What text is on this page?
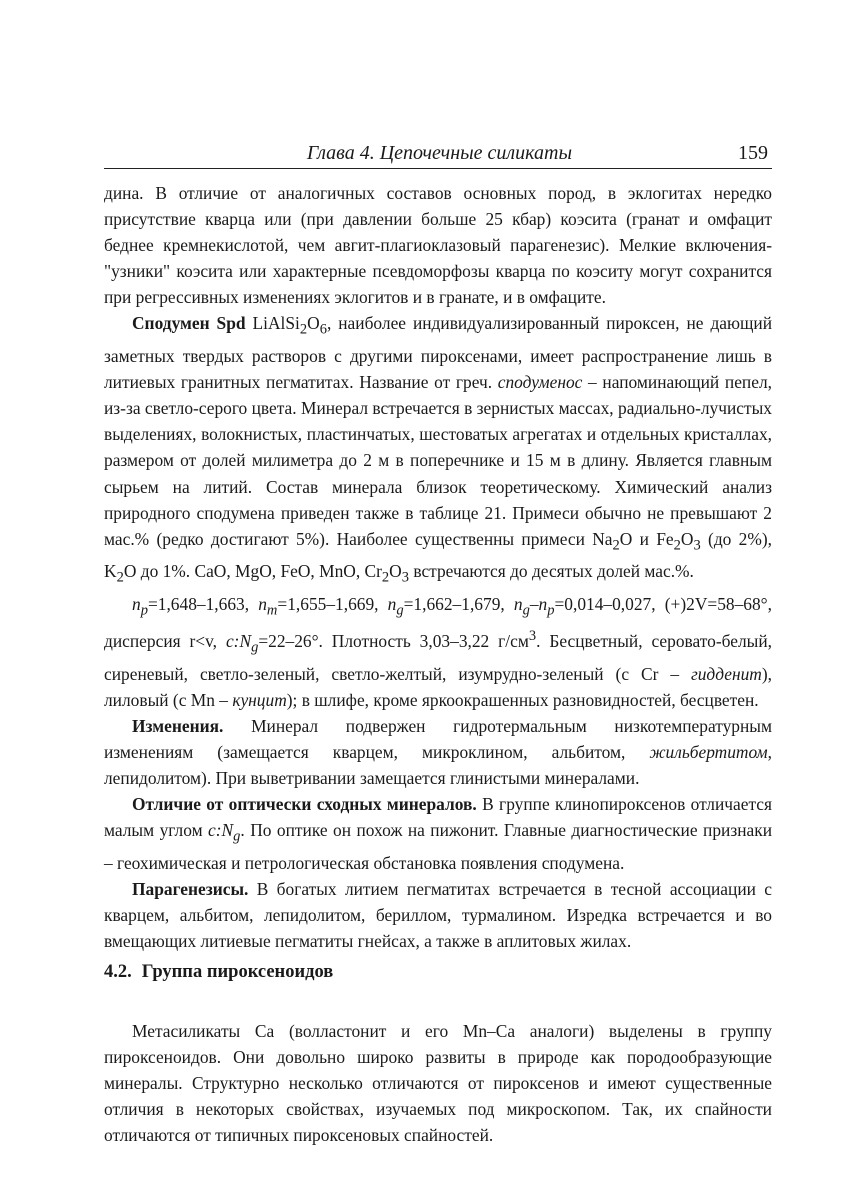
Глава 4. Цепочечные силикаты	159

дина. В отличие от аналогичных составов основных пород, в эклогитах нередко присутствие кварца или (при давлении больше 25 кбар) коэсита (гранат и омфацит беднее кремнекислотой, чем авгит-плагиоклазовый парагенезис). Мелкие включения-"узники" коэсита или характерные псевдоморфозы кварца по коэситу могут сохранится при регрессивных изменениях эклогитов и в гранате, и в омфаците.

Сподумен Spd $LiAlSi_2O_6$, наиболее индивидуализированный пироксен, не дающий заметных твердых растворов с другими пироксенами, имеет распространение лишь в литиевых гранитных пегматитах. Название от греч. сподуменос – напоминающий пепел, из-за светло-серого цвета. Минерал встречается в зернистых массах, радиально-лучистых выделениях, волокнистых, пластинчатых, шестоватых агрегатах и отдельных кристаллах, размером от долей милиметра до 2 м в поперечнике и 15 м в длину. Является главным сырьем на литий. Состав минерала близок теоретическому. Химический анализ природного сподумена приведен также в таблице 21. Примеси обычно не превышают 2 мас.% (редко достигают 5%). Наиболее существенны примеси $Na_2O$ и $Fe_2O_3$ (до 2%), $K_2O$ до 1%. CaO, MgO, FeO, MnO, $Cr_2O_3$ встречаются до десятых долей мас.%.

$n_p=1,648-1,663$, $n_m=1,655-1,669$, $n_g=1,662-1,679$, $n_g-n_p=0,014-0,027$, (+)2V=58–68°, дисперсия r<v, $c:N_g=22-26^\circ$. Плотность 3,03–3,22 $г/см^3$. Бесцветный, серовато-белый, сиреневый, светло-зеленый, светло-желтый, изумрудно-зеленый (с Cr – гидденит), лиловый (с Mn – кунцит); в шлифе, кроме яркоокрашенных разновидностей, бесцветен.

Изменения. Минерал подвержен гидротермальным низкотемпературным изменениям (замещается кварцем, микроклином, альбитом, жильбертитом, лепидолитом). При выветривании замещается глинистыми минералами.

Отличие от оптически сходных минералов. В группе клинопироксенов отличается малым углом $c:N_g$. По оптике он похож на пижонит. Главные диагностические признаки – геохимическая и петрологическая обстановка появления сподумена.

Парагенезисы. В богатых литием пегматитах встречается в тесной ассоциации с кварцем, альбитом, лепидолитом, бериллом, турмалином. Изредка встречается и во вмещающих литиевые пегматиты гнейсах, а также в аплитовых жилах.

4.2. Группа пироксеноидов

Метасиликаты Ca (волластонит и его Mn–Ca аналоги) выделены в группу пироксеноидов. Они довольно широко развиты в природе как породообразующие минералы. Структурно несколько отличаются от пироксенов и имеют существенные отличия в некоторых свойствах, изучаемых под микроскопом. Так, их спайности отличаются от типичных пироксеновых спайностей.
